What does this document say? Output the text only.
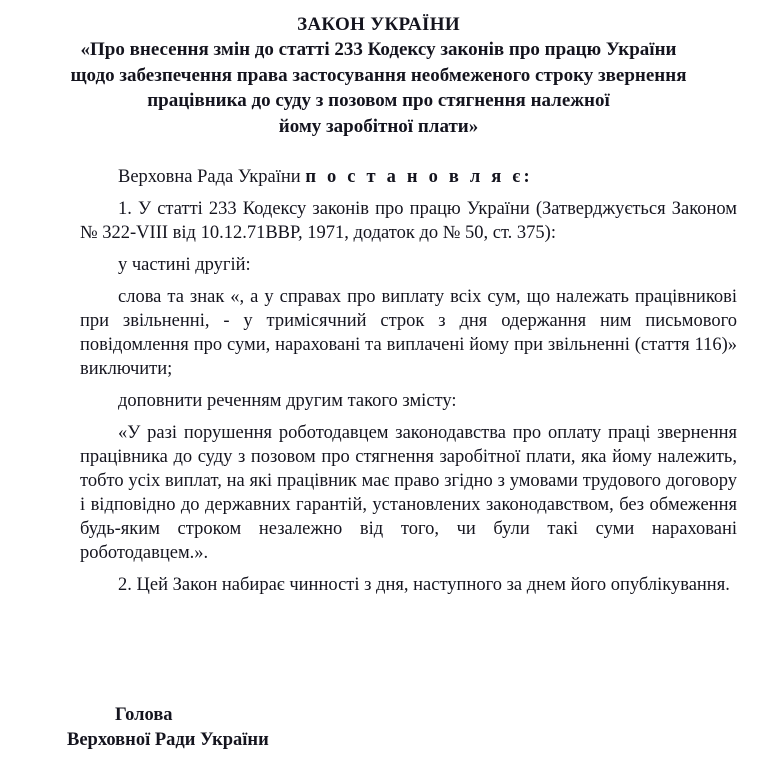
ЗАКОН УКРАЇНИ
«Про внесення змін до статті 233 Кодексу законів про працю України
щодо забезпечення права застосування необмеженого строку звернення
працівника до суду з позовом про стягнення належної
йому заробітної плати»

Верховна Рада України п о с т а н о в л я є:

1. У статті 233 Кодексу законів про працю України (Затверджується Законом № 322-VIII від 10.12.71ВВР, 1971, додаток до № 50, ст. 375):

у частині другій:

слова та знак «, а у справах про виплату всіх сум, що належать працівникові при звільненні, - у тримісячний строк з дня одержання ним письмового повідомлення про суми, нараховані та виплачені йому при звільненні (стаття 116)» виключити;

доповнити реченням другим такого змісту:

«У разі порушення роботодавцем законодавства про оплату праці звернення працівника до суду з позовом про стягнення заробітної плати, яка йому належить, тобто усіх виплат, на які працівник має право згідно з умовами трудового договору і відповідно до державних гарантій, установлених законодавством, без обмеження будь-яким строком незалежно від того, чи були такі суми нараховані роботодавцем.».

2. Цей Закон набирає чинності з дня, наступного за днем його опублікування.

Голова
Верховної Ради України
